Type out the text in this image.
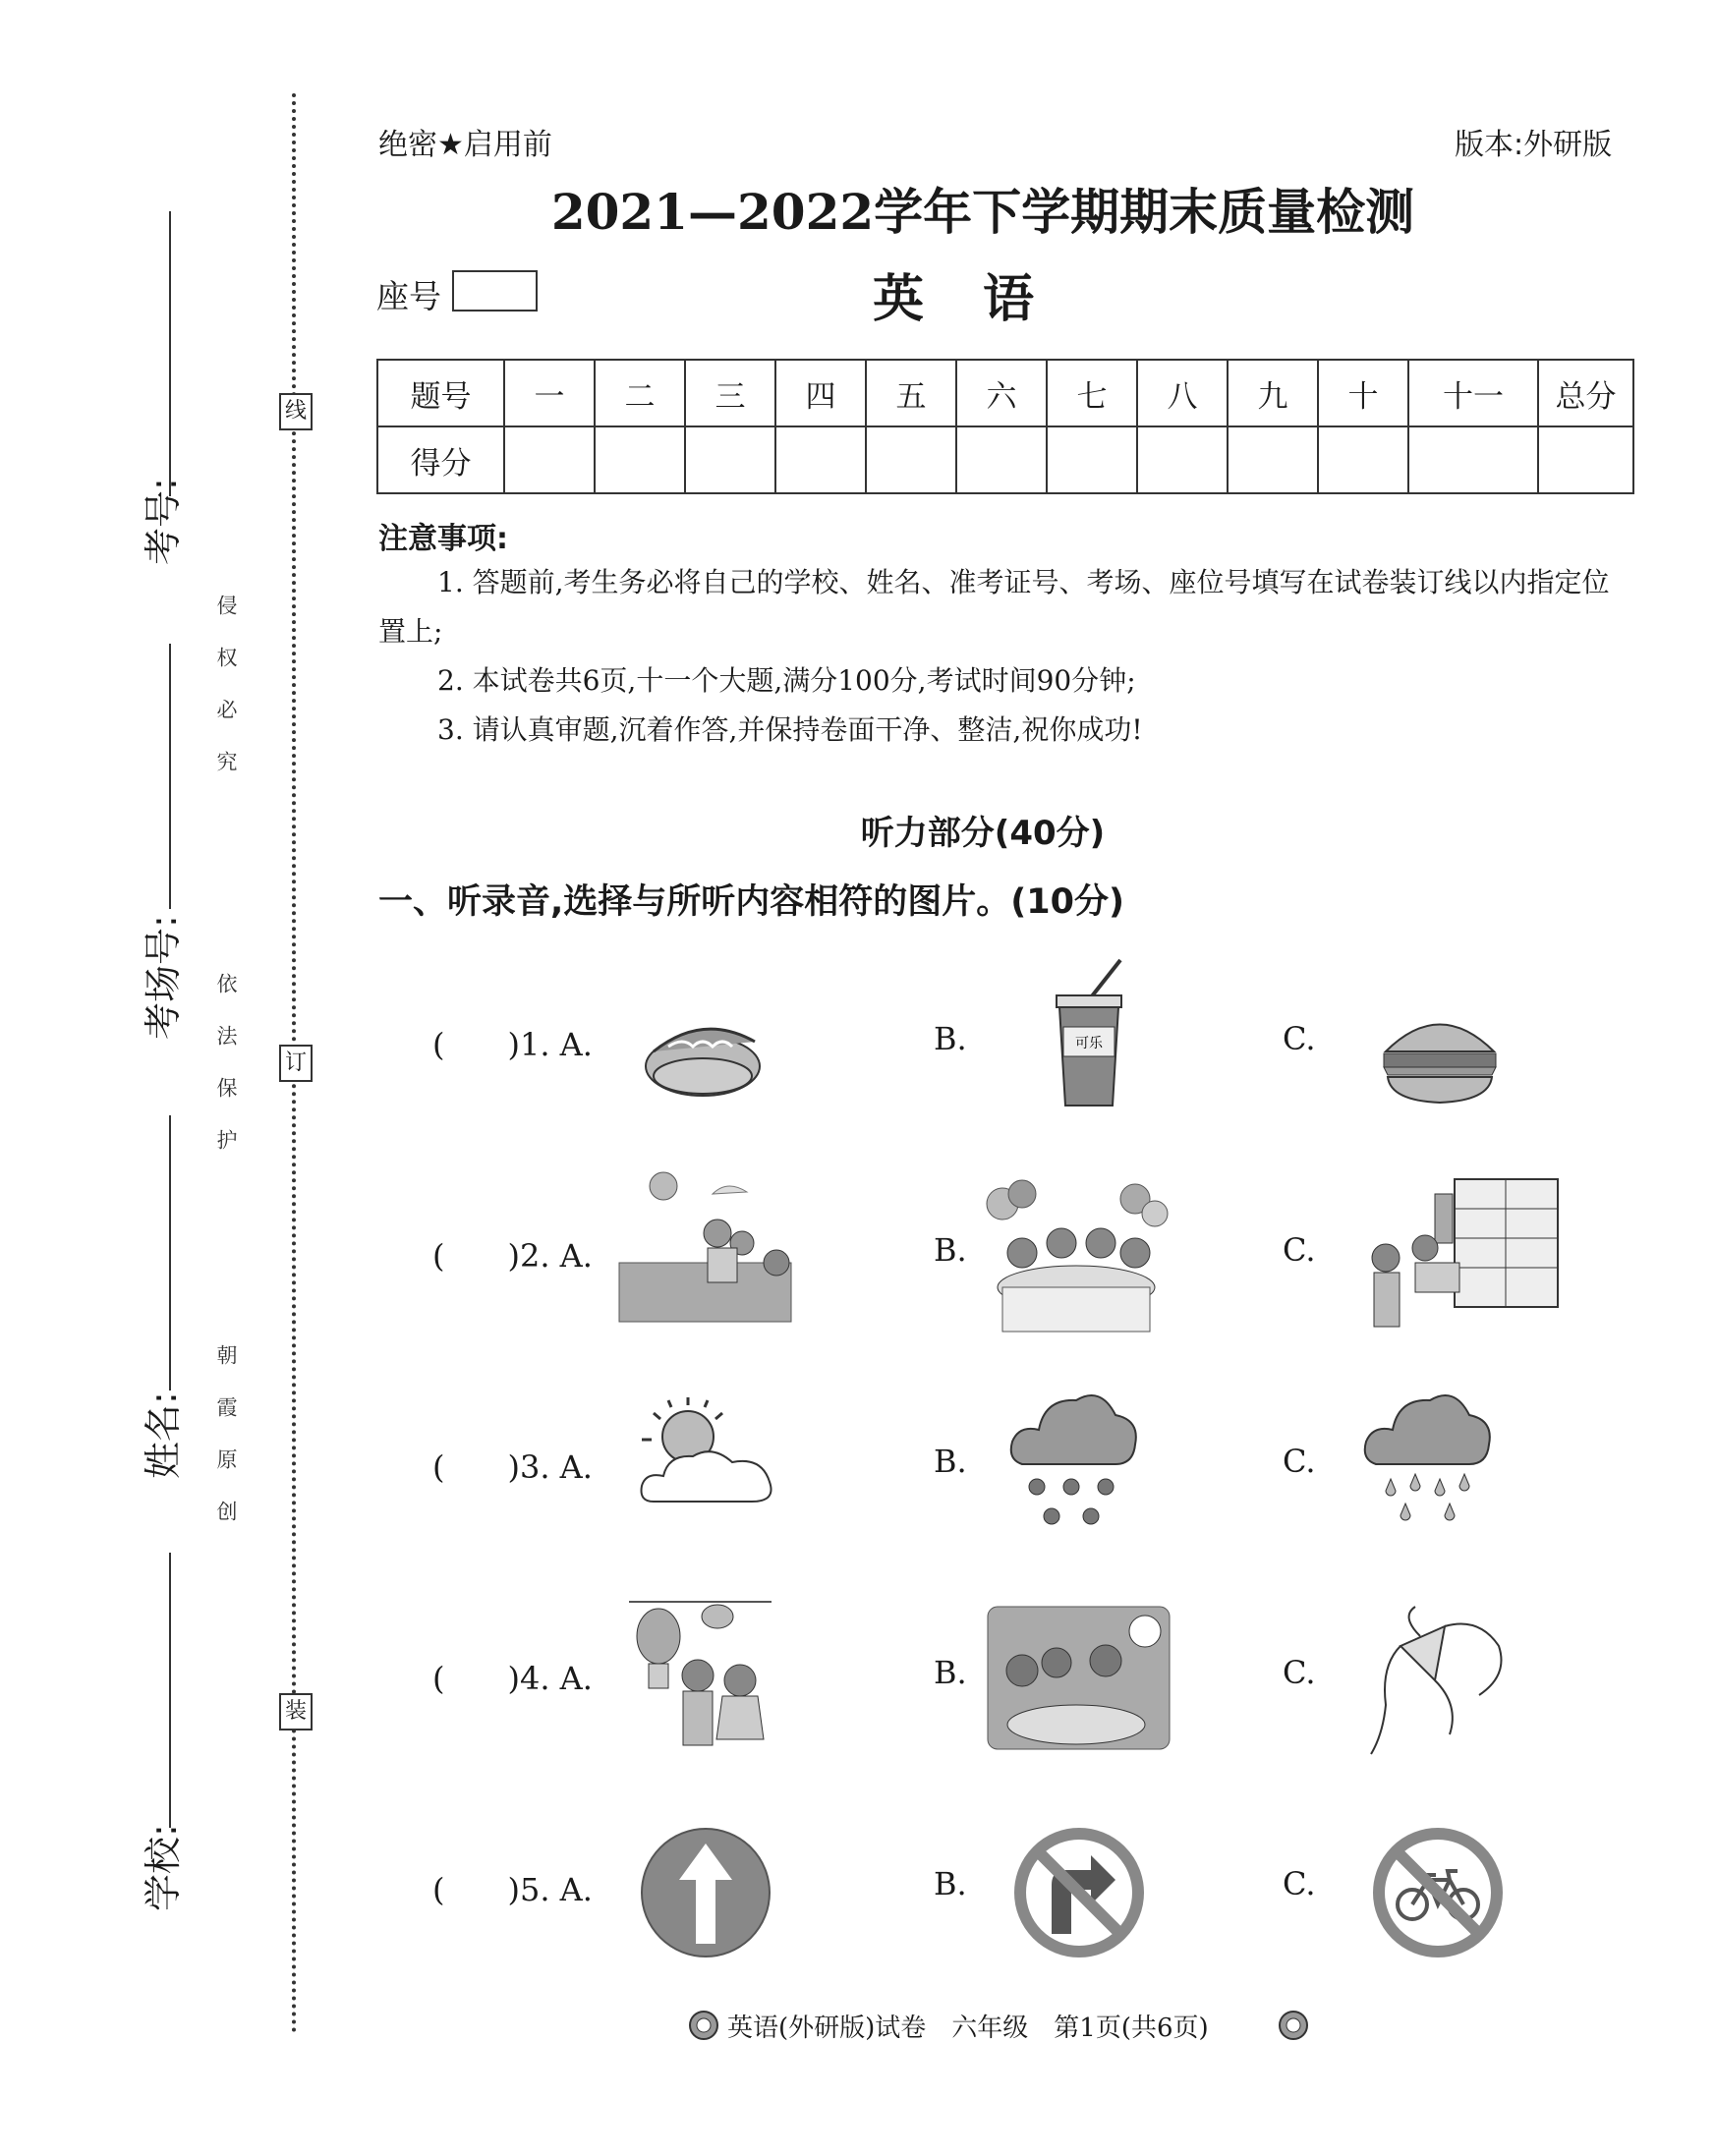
线
订
装
考号:
考场号:
姓名:
学校:
侵权必究
依法保护
朝霞原创
绝密★启用前	版本:外研版
2021—2022学年下学期期末质量检测
座号	英语
题号	一	二	三	四	五	六	七	八	九	十	十一	总分
得分												
注意事项:
1. 答题前,考生务必将自己的学校、姓名、准考证号、考场、座位号填写在试卷装订线以内指定位置上;
2. 本试卷共6页,十一个大题,满分100分,考试时间90分钟;
3. 请认真审题,沉着作答,并保持卷面干净、整洁,祝你成功!
听力部分(40分)
一、听录音,选择与所听内容相符的图片。(10分)
(　　)1. A.	B.	C.
可乐
(　　)2. A.	B.	C.
(　　)3. A.	B.	C.
(　　)4. A.	B.	C.
(　　)5. A.	B.	C.
英语(外研版)试卷　六年级　第1页(共6页)
